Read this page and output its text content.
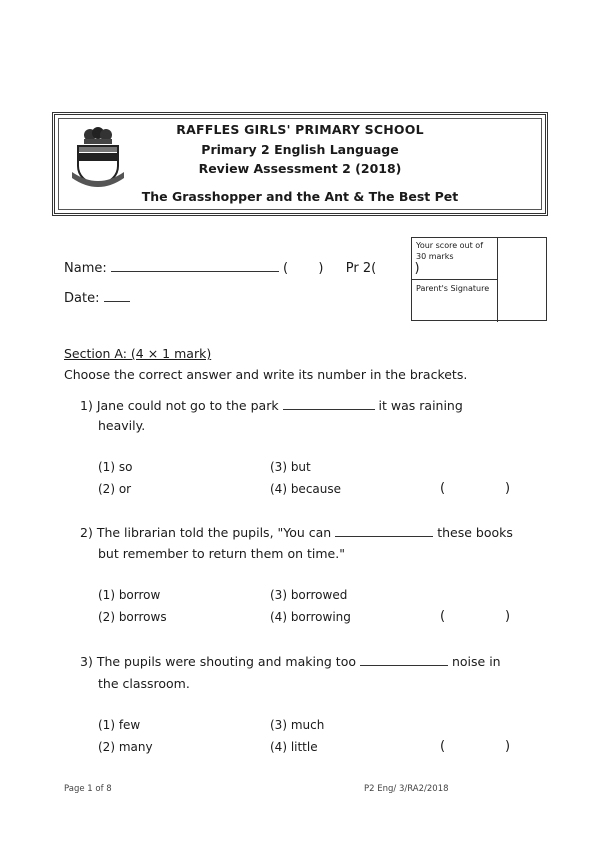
RAFFLES GIRLS' PRIMARY SCHOOL
Primary 2 English Language
Review Assessment 2 (2018)
The Grasshopper and the Ant & The Best Pet
Name:	( ) Pr 2(	)
Date:
Your score out of 30 marks
Parent's Signature
Section A: (4 × 1 mark)
Choose the correct answer and write its number in the brackets.
1) Jane could not go to the park	it was raining
heavily.
(1) so	(3) but
(2) or	(4) because	(	)
2) The librarian told the pupils, "You can	these books
but remember to return them on time."
(1) borrow	(3) borrowed
(2) borrows	(4) borrowing	(	)
3) The pupils were shouting and making too	noise in
the classroom.
(1) few	(3) much
(2) many	(4) little	(	)
Page 1 of 8	P2 Eng/ 3/RA2/2018
